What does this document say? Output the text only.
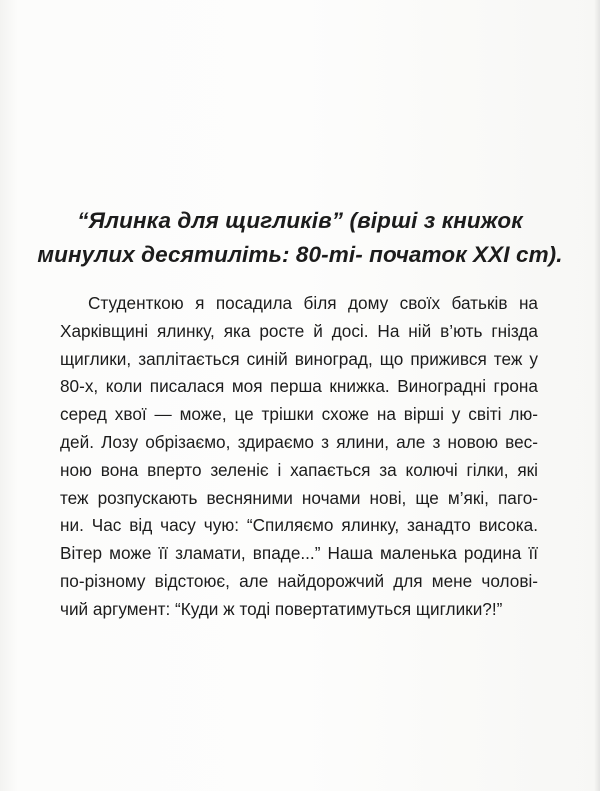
“Ялинка для щигликів” (вірші з книжок
минулих десятиліть: 80-ті- початок XXI ст).

Студенткою я посадила біля дому своїх батьків на
Харківщині ялинку, яка росте й досі. На ній в’ють гнізда
щиглики, заплітається синій виноград, що прижився теж у
80-х, коли писалася моя перша книжка. Виноградні грона
серед хвої — може, це трішки схоже на вірші у світі лю-
дей. Лозу обрізаємо, здираємо з ялини, але з новою вес-
ною вона вперто зеленіє і хапається за колючі гілки, які
теж розпускають весняними ночами нові, ще м’які, паго-
ни. Час від часу чую: “Спиляємо ялинку, занадто висока.
Вітер може її зламати, впаде...” Наша маленька родина її
по-різному відстоює, але найдорожчий для мене чолові-
чий аргумент: “Куди ж тоді повертатимуться щиглики?!”
